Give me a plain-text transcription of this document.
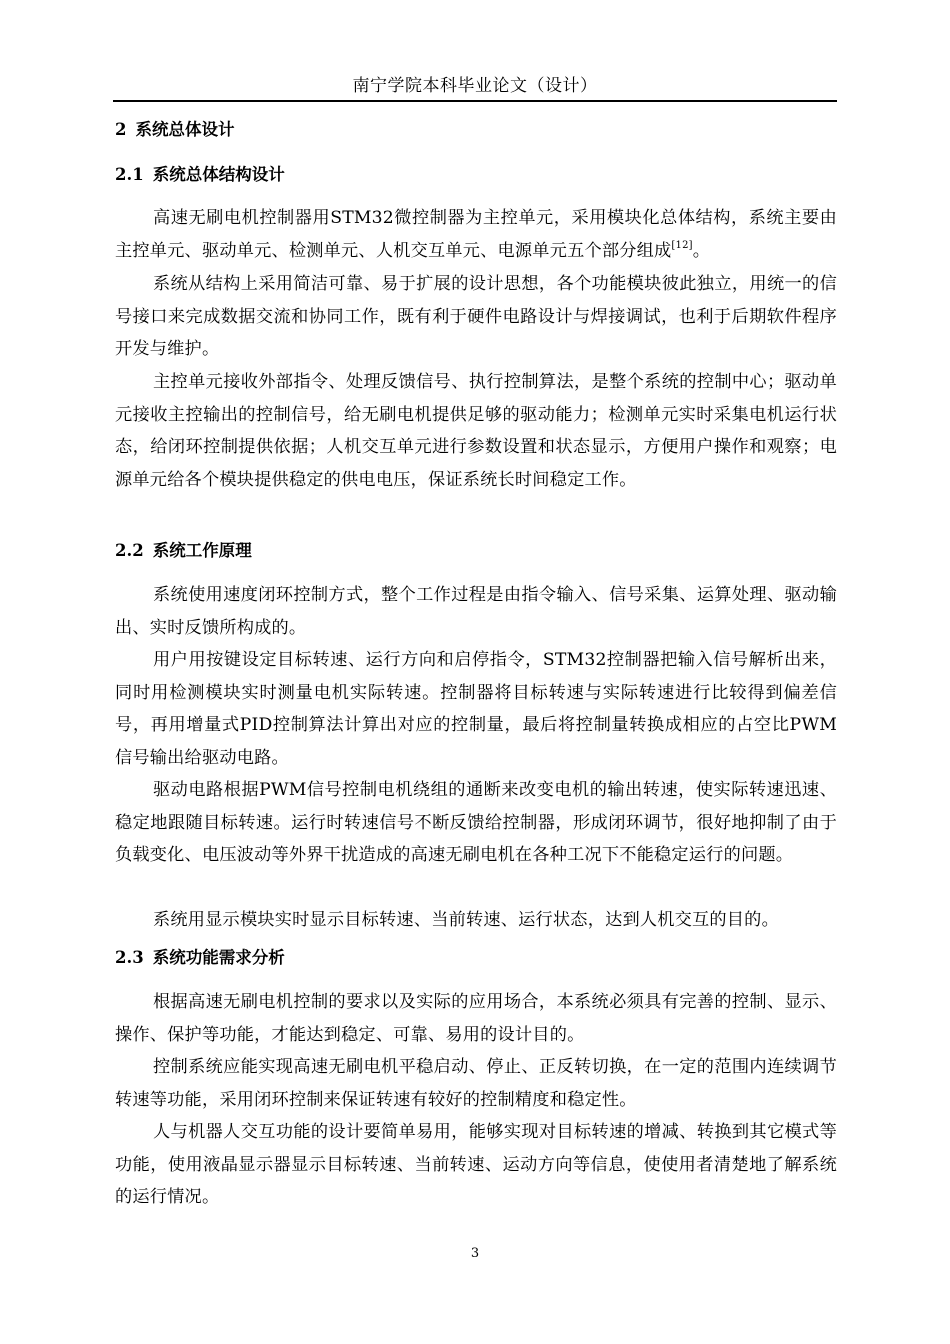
南宁学院本科毕业论文（设计）
2 系统总体设计
2.1 系统总体结构设计

高速无刷电机控制器用STM32微控制器为主控单元，采用模块化总体结构，系统主要由主控单元、驱动单元、检测单元、人机交互单元、电源单元五个部分组成[12]。

系统从结构上采用简洁可靠、易于扩展的设计思想，各个功能模块彼此独立，用统一的信号接口来完成数据交流和协同工作，既有利于硬件电路设计与焊接调试，也利于后期软件程序开发与维护。

主控单元接收外部指令、处理反馈信号、执行控制算法，是整个系统的控制中心；驱动单元接收主控输出的控制信号，给无刷电机提供足够的驱动能力；检测单元实时采集电机运行状态，给闭环控制提供依据；人机交互单元进行参数设置和状态显示，方便用户操作和观察；电源单元给各个模块提供稳定的供电电压，保证系统长时间稳定工作。

2.2 系统工作原理

系统使用速度闭环控制方式，整个工作过程是由指令输入、信号采集、运算处理、驱动输出、实时反馈所构成的。

用户用按键设定目标转速、运行方向和启停指令，STM32控制器把输入信号解析出来，同时用检测模块实时测量电机实际转速。控制器将目标转速与实际转速进行比较得到偏差信号，再用增量式PID控制算法计算出对应的控制量，最后将控制量转换成相应的占空比PWM信号输出给驱动电路。

驱动电路根据PWM信号控制电机绕组的通断来改变电机的输出转速，使实际转速迅速、稳定地跟随目标转速。运行时转速信号不断反馈给控制器，形成闭环调节，很好地抑制了由于负载变化、电压波动等外界干扰造成的高速无刷电机在各种工况下不能稳定运行的问题。

系统用显示模块实时显示目标转速、当前转速、运行状态，达到人机交互的目的。

2.3 系统功能需求分析

根据高速无刷电机控制的要求以及实际的应用场合，本系统必须具有完善的控制、显示、操作、保护等功能，才能达到稳定、可靠、易用的设计目的。

控制系统应能实现高速无刷电机平稳启动、停止、正反转切换，在一定的范围内连续调节转速等功能，采用闭环控制来保证转速有较好的控制精度和稳定性。

人与机器人交互功能的设计要简单易用，能够实现对目标转速的增减、转换到其它模式等功能，使用液晶显示器显示目标转速、当前转速、运动方向等信息，使使用者清楚地了解系统的运行情况。

3
